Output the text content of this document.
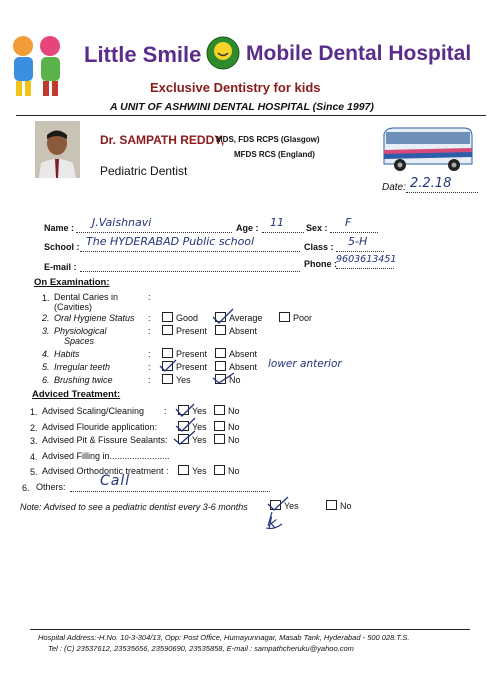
Little Smile Mobile Dental Hospital
Exclusive Dentistry for kids
A UNIT OF ASHWINI DENTAL HOSPITAL (Since 1997)
Dr. SAMPATH REDDY,
MDS, FDS RCPS (Glasgow)
MFDS RCS (England)
Pediatric Dentist
Date: 2.2.18
Name : J.Vaishnavi	Age : 11 Sex : F
School : The HYDERABAD Public school	Class : 5-H
E-mail :	Phone : 9603613451
On Examination:
1. Dental Caries in
(Cavities)
:
2. Oral Hygiene Status :	Good	Average	Poor
3. Physiological
Spaces
:	Present	Absent
4. Habits	:	Present	Absent
5. Irregular teeth	:	Present	Absent lower anterior
6. Brushing twice	:	Yes	No
Adviced Treatment:
1. Advised Scaling/Cleaning :	Yes	No
2. Advised Flouride application:	Yes	No
3. Advised Pit & Fissure Sealants:	Yes	No
4. Advised Filling in........................
5. Advised Orthodontic treatment :	Yes	No
6. Others: Call
Note: Advised to see a pediatric dentist every 3-6 months	Yes	No
k
Hospital Address:-H.No. 10-3-304/13, Opp: Post Office, Humayunnagar, Masab Tank, Hyderabad - 500 028.T.S.
Tel : (C) 23537612, 23535656, 23590690, 23535858, E-mail : sampathcheruku@yahoo.com
